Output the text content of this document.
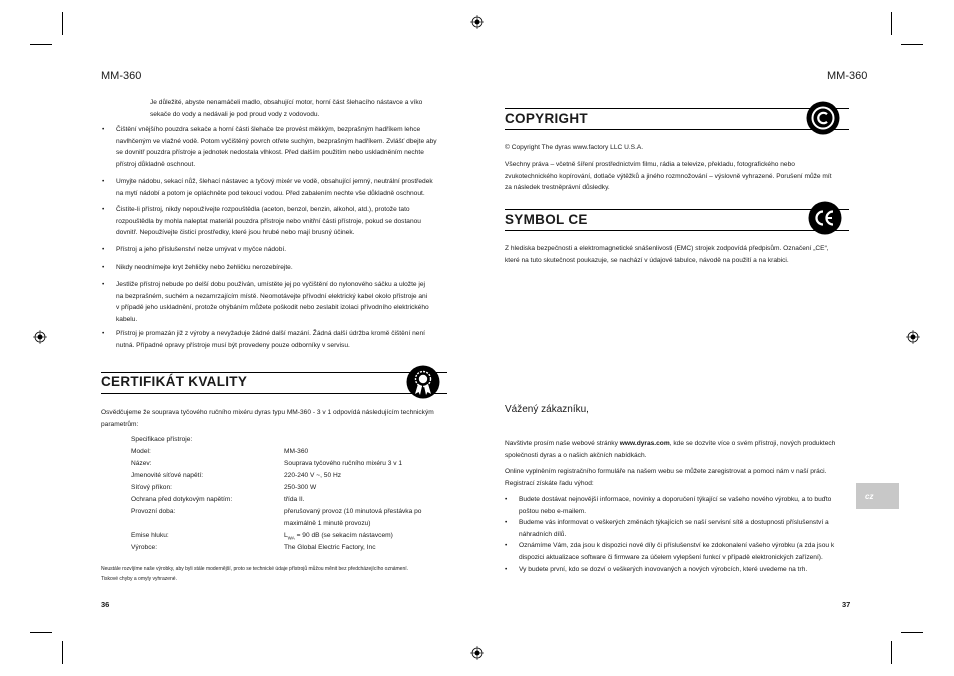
MM-360
Je důležité, abyste nenamáčeli madlo, obsahující motor, horní část šlehacího nástavce a víko
sekače do vody a nedávali je pod proud vody z vodovodu.
• Čištění vnějšího pouzdra sekače a horní části šlehače lze provést měkkým, bezprašným hadříkem lehce
navlhčeným ve vlažné vodě. Potom vyčištěný povrch otřete suchým, bezprašným hadříkem. Zvlášť dbejte aby
se dovnitř pouzdra přístroje a jednotek nedostala vlhkost. Před dalším použitím nebo uskladněním nechte
přístroj důkladně oschnout.
• Umyjte nádobu, sekací nůž, šlehací nástavec a tyčový mixér ve vodě, obsahující jemný, neutrální prostředek
na mytí nádobí a potom je opláchněte pod tekoucí vodou. Před zabalením nechte vše důkladně oschnout.
• Čistíte-li přístroj, nikdy nepoužívejte rozpouštědla (aceton, benzol, benzin, alkohol, atd.), protože tato
rozpouštědla by mohla naleptat materiál pouzdra přístroje nebo vnitřní části přístroje, pokud se dostanou
dovnitř. Nepoužívejte čisticí prostředky, které jsou hrubé nebo mají brusný účinek.
• Přístroj a jeho příslušenství nelze umývat v myčce nádobí.
• Nikdy neodnímejte kryt žehličky nebo žehličku nerozebírejte.
• Jestliže přístroj nebude po delší dobu používán, umístěte jej po vyčištění do nylonového sáčku a uložte jej
na bezprašném, suchém a nezamrzajícím místě. Neomotávejte přívodní elektrický kabel okolo přístroje ani
v případě jeho uskladnění, protože ohýbáním můžete poškodit nebo zeslabit izolaci přívodního elektrického
kabelu.
• Přístroj je promazán již z výroby a nevyžaduje žádné další mazání. Žádná další údržba kromě čištění není
nutná. Případné opravy přístroje musí být provedeny pouze odborníky v servisu.
CERTIFIKÁT KVALITY
Osvědčujeme že souprava tyčového ručního mixéru dyras typu MM-360 - 3 v 1 odpovídá následujícím technickým
parametrům:
Specifikace přístroje:
Model:	MM-360
Název:	Souprava tyčového ručního mixéru 3 v 1
Jmenovité síťové napětí:	220-240 V ~, 50 Hz
Síťový příkon:	250-300 W
Ochrana před dotykovým napětím:	třída II.
Provozní doba:	přerušovaný provoz (10 minutová přestávka po
maximálně 1 minutě provozu)
Emise hluku:	$L_{WA} = 90$ dB (se sekacím nástavcem)
Výrobce:	The Global Electric Factory, Inc
Neustále rozvíjíme naše výrobky, aby byli stále modernější, proto se technické údaje přístrojů můžou měnit bez předcházejícího oznámení.
Tiskové chyby a omyly vyhrazené.
36
MM-360
COPYRIGHT
© Copyright The dyras www.factory LLC U.S.A.
Všechny práva – včetně šíření prostřednictvím filmu, rádia a televize, překladu, fotografického nebo
zvukotechnického kopírování, dotlače výtěžků a jiného rozmnožování – výslovně vyhrazené. Porušení může mít
za následek trestněprávní důsledky.
SYMBOL CE
Z hlediska bezpečnosti a elektromagnetické snášenlivosti (EMC) strojek zodpovídá předpisům. Označení „CE“,
které na tuto skutečnost poukazuje, se nachází v údajové tabulce, návodě na použití a na krabici.
Vážený zákazníku,
Navštivte prosím naše webové stránky www.dyras.com, kde se dozvíte více o svém přístroji, nových produktech
společnosti dyras a o našich akčních nabídkách.
Online vyplněním registračního formuláře na našem webu se můžete zaregistrovat a pomoci nám v naší práci.
Registrací získáte řadu výhod:
• Budete dostávat nejnovější informace, novinky a doporučení týkající se vašeho nového výrobku, a to buďto
poštou nebo e-mailem.
• Budeme vás informovat o veškerých změnách týkajících se naší servisní sítě a dostupnosti příslušenství a
náhradních dílů.
• Oznámíme Vám, zda jsou k dispozici nové díly či příslušenství ke zdokonalení vašeho výrobku (a zda jsou k
dispozici aktualizace software či firmware za účelem vylepšení funkcí v případě elektronických zařízení).
• Vy budete první, kdo se dozví o veškerých inovovaných a nových výrobcích, které uvedeme na trh.
cz
37
